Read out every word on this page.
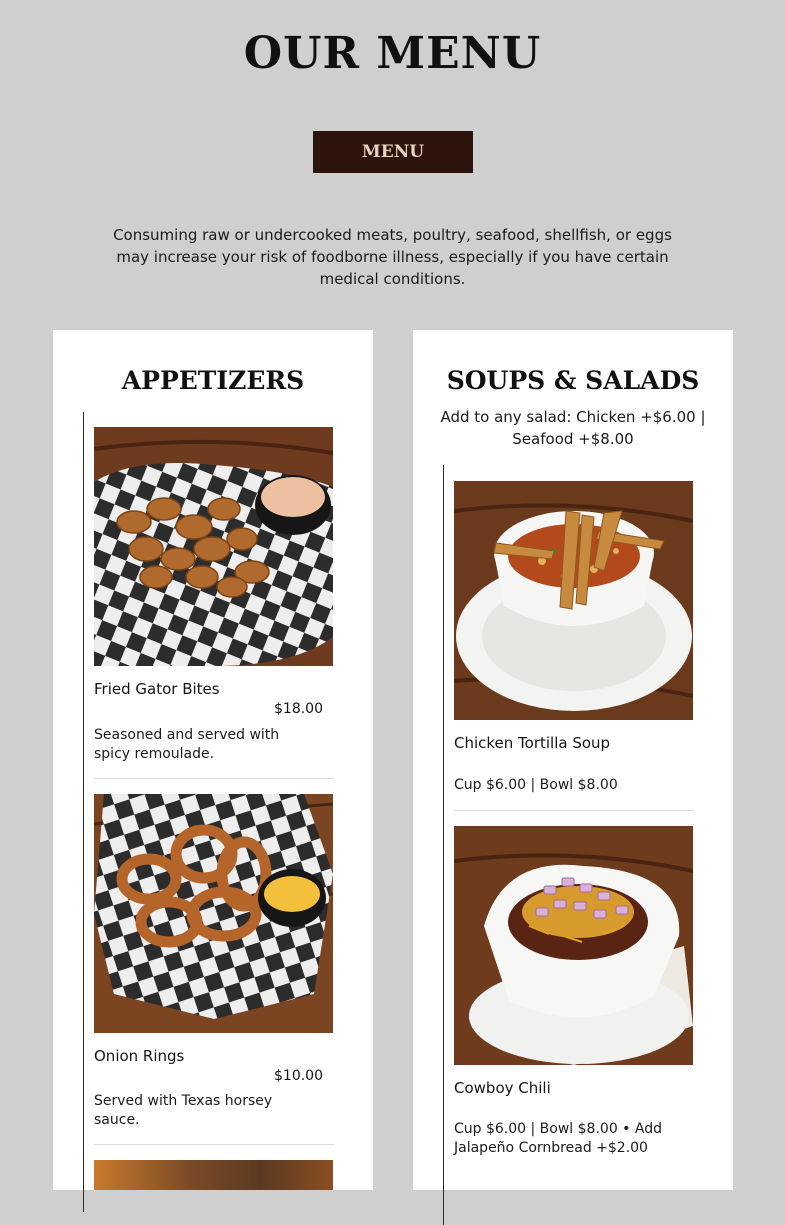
OUR MENU
MENU

Consuming raw or undercooked meats, poultry, seafood, shellfish, or eggs may increase your risk of foodborne illness, especially if you have certain medical conditions.

APPETIZERS

Fried Gator Bites

$18.00

Seasoned and served with spicy remoulade.

Onion Rings

$10.00

Served with Texas horsey sauce.

SOUPS & SALADS

Add to any salad: Chicken +$6.00 | Seafood +$8.00

Chicken Tortilla Soup

Cup $6.00 | Bowl $8.00

Cowboy Chili

Cup $6.00 | Bowl $8.00 • Add Jalapeño Cornbread +$2.00
